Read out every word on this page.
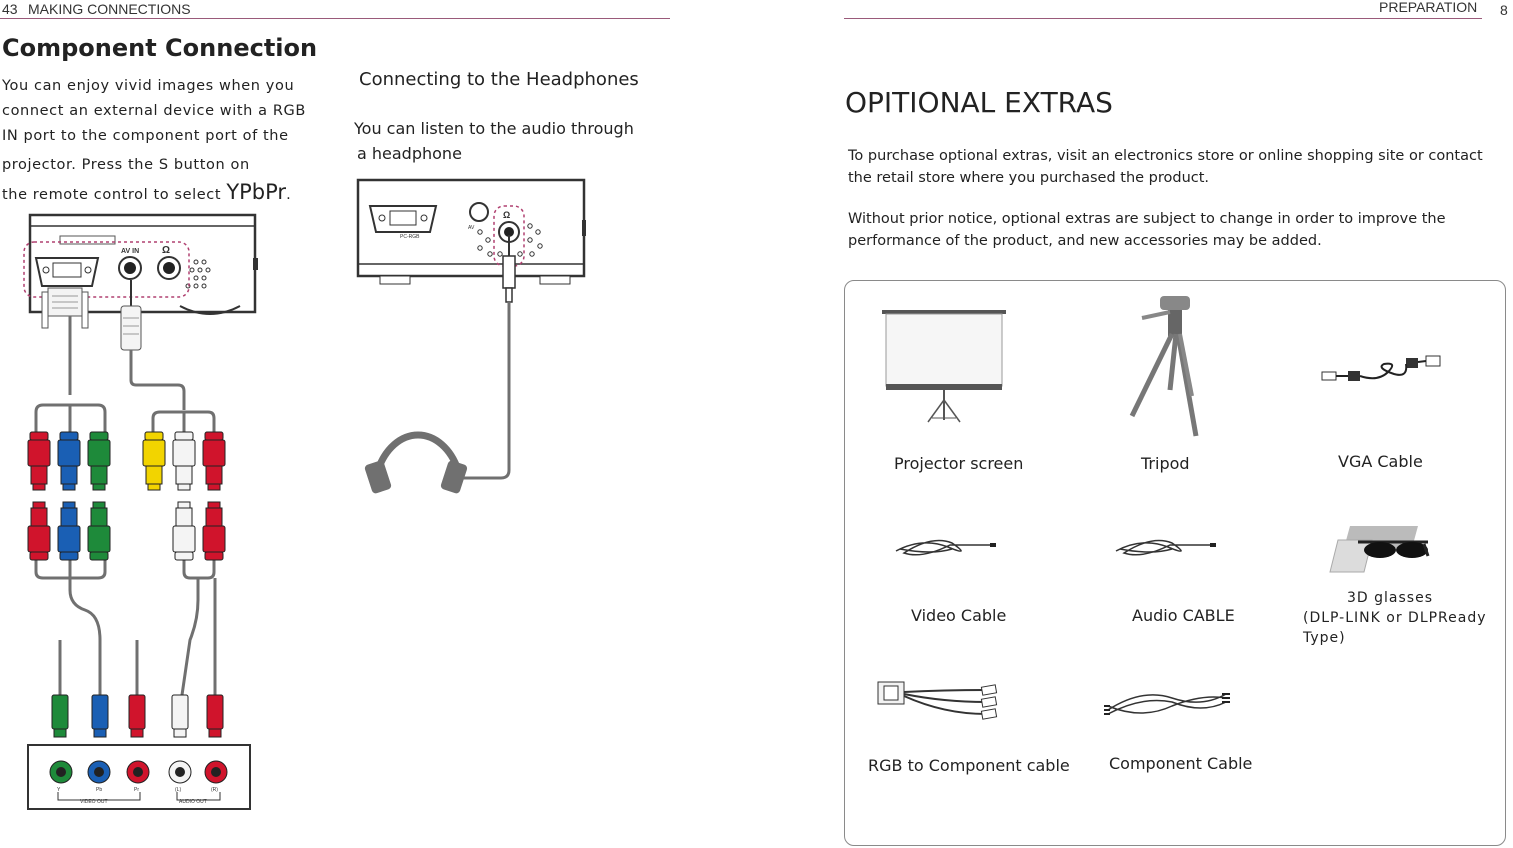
43 MAKING CONNECTIONS
Component Connection
You can enjoy vivid images when you
connect an external device with a RGB
IN port to the component port of the
projector. Press the S button on
the remote control to select YPbPr.
Connecting to the Headphones
You can listen to the audio through
a headphone
AV IN Ω
Y	Pb	Pr	(L)	(R)
VIDEO OUT	AUDIO OUT
PC-RGB
AV
Ω
PREPARATION 8
OPITIONAL EXTRAS
To purchase optional extras, visit an electronics store or online shopping site or contact
the retail store where you purchased the product.
Without prior notice, optional extras are subject to change in order to improve the
performance of the product, and new accessories may be added.
Projector screen	Tripod	VGA Cable
Video Cable	Audio CABLE
3D glasses
(DLP-LINK or DLPReady
Type)
RGB to Component cable Component Cable
